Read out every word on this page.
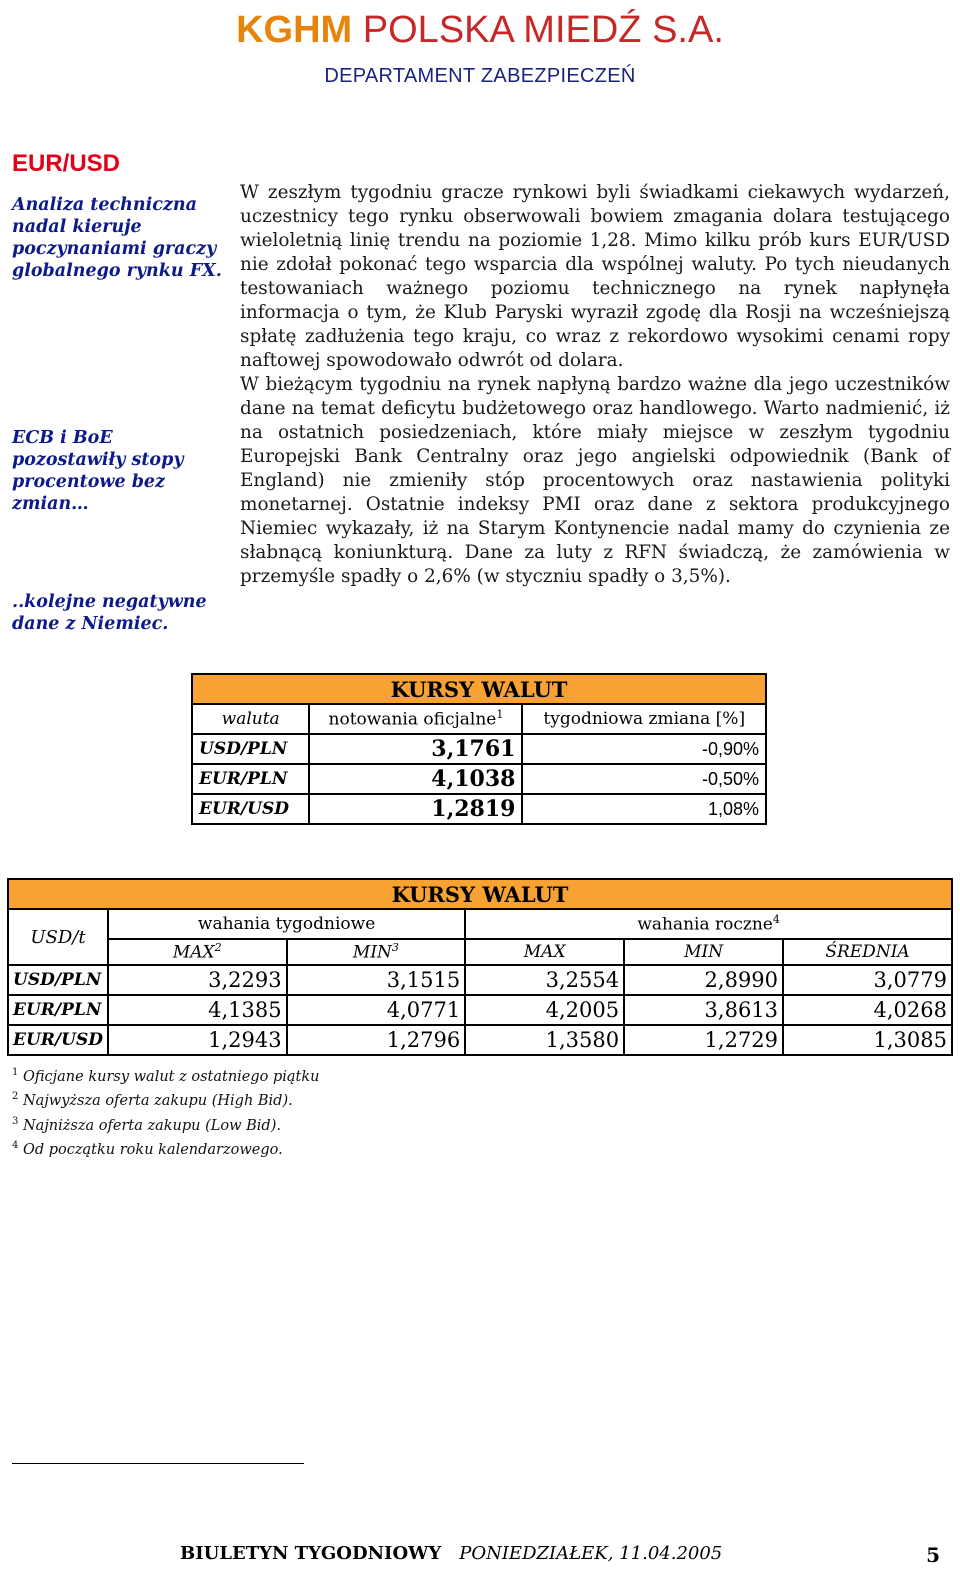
KGHM POLSKA MIEDŹ S.A.
DEPARTAMENT ZABEZPIECZEŃ
EUR/USD
Analiza techniczna nadal kieruje poczynaniami graczy globalnego rynku FX.
ECB i BoE pozostawiły stopy procentowe bez zmian…
..kolejne negatywne dane z Niemiec.

W zeszłym tygodniu gracze rynkowi byli świadkami ciekawych wydarzeń, uczestnicy tego rynku obserwowali bowiem zmagania dolara testującego wieloletnią linię trendu na poziomie 1,28. Mimo kilku prób kurs EUR/USD nie zdołał pokonać tego wsparcia dla wspólnej waluty. Po tych nieudanych testowaniach ważnego poziomu technicznego na rynek napłynęła informacja o tym, że Klub Paryski wyraził zgodę dla Rosji na wcześniejszą spłatę zadłużenia tego kraju, co wraz z rekordowo wysokimi cenami ropy naftowej spowodowało odwrót od dolara.

W bieżącym tygodniu na rynek napłyną bardzo ważne dla jego uczestników dane na temat deficytu budżetowego oraz handlowego. Warto nadmienić, iż na ostatnich posiedzeniach, które miały miejsce w zeszłym tygodniu Europejski Bank Centralny oraz jego angielski odpowiednik (Bank of England) nie zmieniły stóp procentowych oraz nastawienia polityki monetarnej. Ostatnie indeksy PMI oraz dane z sektora produkcyjnego Niemiec wykazały, iż na Starym Kontynencie nadal mamy do czynienia ze słabnącą koniunkturą. Dane za luty z RFN świadczą, że zamówienia w przemyśle spadły o 2,6% (w styczniu spadły o 3,5%).

KURSY WALUT		
waluta	notowania oficjalne$^1$	tygodniowa zmiana [%]
USD/PLN	3,1761	-0,90%
EUR/PLN	4,1038	-0,50%
EUR/USD	1,2819	1,08%
KURSY WALUT					
USD/t	wahania tygodniowe		wahania roczne$^4$
	MAX$^2$	MIN$^3$	MAX	MIN	ŚREDNIA
USD/PLN	3,2293	3,1515	3,2554	2,8990	3,0779
EUR/PLN	4,1385	4,0771	4,2005	3,8613	4,0268
EUR/USD	1,2943	1,2796	1,3580	1,2729	1,3085
$^1$ Oficjane kursy walut z ostatniego piątku
$^2$ Najwyższa oferta zakupu (High Bid).
$^3$ Najniższa oferta zakupu (Low Bid).
$^4$ Od początku roku kalendarzowego.
BIULETYN TYGODNIOWY PONIEDZIAŁEK, 11.04.2005	5
